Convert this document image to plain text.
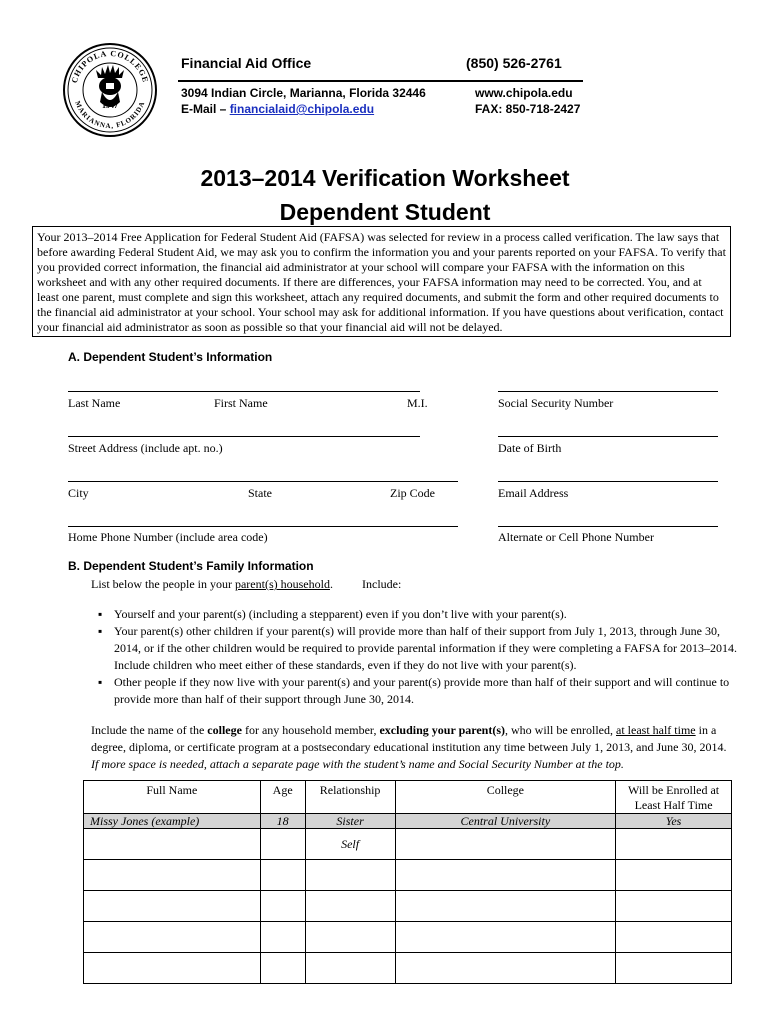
CHIPOLA COLLEGE
MARIANNA, FLORIDA
1947
Financial Aid Office	(850) 526-2761
3094 Indian Circle, Marianna, Florida 32446
E-Mail – financialaid@chipola.edu
www.chipola.edu
FAX: 850-718-2427
2013–2014 Verification Worksheet
Dependent Student
Your 2013–2014 Free Application for Federal Student Aid (FAFSA) was selected for review in a process called verification. The law says that before awarding Federal Student Aid, we may ask you to confirm the information you and your parents reported on your FAFSA. To verify that you provided correct information, the financial aid administrator at your school will compare your FAFSA with the information on this worksheet and with any other required documents. If there are differences, your FAFSA information may need to be corrected. You, and at least one parent, must complete and sign this worksheet, attach any required documents, and submit the form and other required documents to the financial aid administrator at your school. Your school may ask for additional information. If you have questions about verification, contact your financial aid administrator as soon as possible so that your financial aid will not be delayed.
A. Dependent Student’s Information
Last Name	First Name	M.I.	Social Security Number
Street Address (include apt. no.)	Date of Birth
City	State	Zip Code	Email Address
Home Phone Number (include area code)	Alternate or Cell Phone Number
B. Dependent Student’s Family Information
List below the people in your parent(s) household. Include:
▪ Yourself and your parent(s) (including a stepparent) even if you don’t live with your parent(s).
▪ Your parent(s) other children if your parent(s) will provide more than half of their support from July 1, 2013, through June 30, 2014, or if the other children would be required to provide parental information if they were completing a FAFSA for 2013–2014. Include children who meet either of these standards, even if they do not live with your parent(s).
▪ Other people if they now live with your parent(s) and your parent(s) provide more than half of their support and will continue to provide more than half of their support through June 30, 2014.
Include the name of the college for any household member, excluding your parent(s), who will be enrolled, at least half time in a degree, diploma, or certificate program at a postsecondary educational institution any time between July 1, 2013, and June 30, 2014. If more space is needed, attach a separate page with the student’s name and Social Security Number at the top.
Full Name	Age	Relationship	College	Will be Enrolled at Least Half Time
Missy Jones (example)	18	Sister	Central University	Yes
		Self		
